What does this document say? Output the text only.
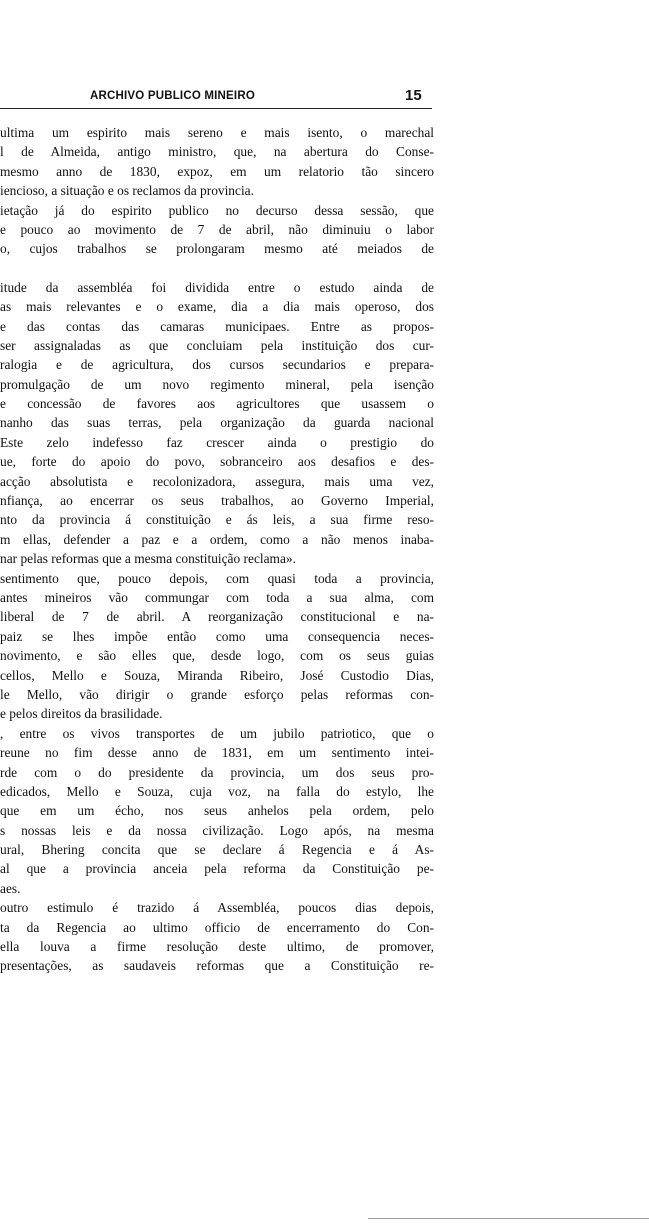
ARCHIVO PUBLICO MINEIRO	15
ultima um espirito mais sereno e mais isento, o marechal
l de Almeida, antigo ministro, que, na abertura do Conse-
mesmo anno de 1830, expoz, em um relatorio tão sincero
iencioso, a situação e os reclamos da provincia.
ietação já do espirito publico no decurso dessa sessão, que
e pouco ao movimento de 7 de abril, não diminuiu o labor
o, cujos trabalhos se prolongaram mesmo até meiados de
itude da assembléa foi dividida entre o estudo ainda de
as mais relevantes e o exame, dia a dia mais operoso, dos
e das contas das camaras municipaes. Entre as propos-
ser assignaladas as que concluiam pela instituição dos cur-
ralogia e de agricultura, dos cursos secundarios e prepara-
promulgação de um novo regimento mineral, pela isenção
e concessão de favores aos agricultores que usassem o
nanho das suas terras, pela organização da guarda nacional
Este zelo indefesso faz crescer ainda o prestigio do
ue, forte do apoio do povo, sobranceiro aos desafios e des-
acção absolutista e recolonizadora, assegura, mais uma vez,
nfiança, ao encerrar os seus trabalhos, ao Governo Imperial,
nto da provincia á constituição e ás leis, a sua firme reso-
m ellas, defender a paz e a ordem, como a não menos inaba-
nar pelas reformas que a mesma constituição reclama».
sentimento que, pouco depois, com quasi toda a provincia,
antes mineiros vão commungar com toda a sua alma, com
liberal de 7 de abril. A reorganização constitucional e na-
paiz se lhes impõe então como uma consequencia neces-
novimento, e são elles que, desde logo, com os seus guias
cellos, Mello e Souza, Miranda Ribeiro, José Custodio Dias,
le Mello, vão dirigir o grande esforço pelas reformas con-
e pelos direitos da brasilidade.
, entre os vivos transportes de um jubilo patriotico, que o
reune no fim desse anno de 1831, em um sentimento intei-
rde com o do presidente da provincia, um dos seus pro-
edicados, Mello e Souza, cuja voz, na falla do estylo, lhe
que em um écho, nos seus anhelos pela ordem, pelo
s nossas leis e da nossa civilização. Logo após, na mesma
ural, Bhering concita que se declare á Regencia e á As-
al que a provincia anceia pela reforma da Constituição pe-
aes.
outro estimulo é trazido á Assembléa, poucos dias depois,
ta da Regencia ao ultimo officio de encerramento do Con-
ella louva a firme resolução deste ultimo, de promover,
presentações, as saudaveis reformas que a Constituição re-
